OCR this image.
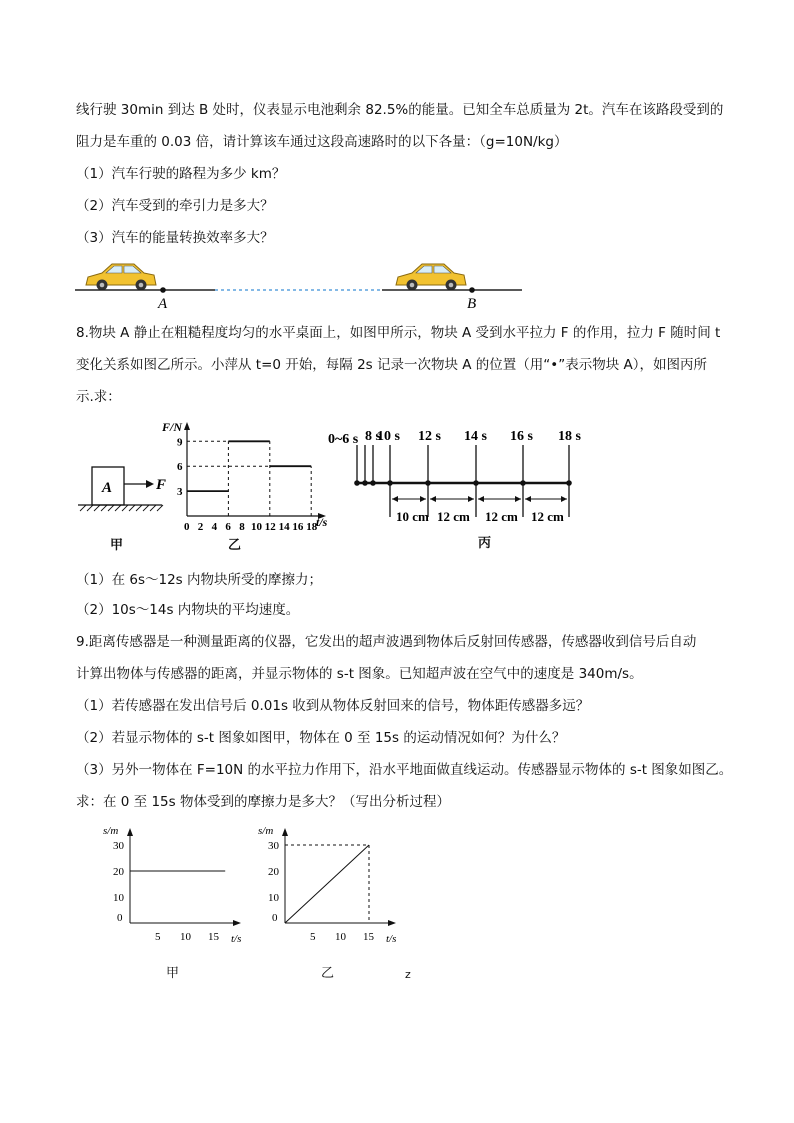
线行驶 30min 到达 B 处时，仪表显示电池剩余 82.5%的能量。已知全车总质量为 2t。汽车在该路段受到的
阻力是车重的 0.03 倍，请计算该车通过这段高速路时的以下各量：（g=10N/kg）
（1）汽车行驶的路程为多少 km？
（2）汽车受到的牵引力是多大？
（3）汽车的能量转换效率多大？
A	B
8.物块 A 静止在粗糙程度均匀的水平桌面上，如图甲所示，物块 A 受到水平拉力 F 的作用，拉力 F 随时间 t
变化关系如图乙所示。小萍从 t=0 开始，每隔 2s 记录一次物块 A 的位置（用“•”表示物块 A），如图丙所
示.求：
A	F
甲
F/N
t/s
0 2 4 6 8 10 12 14 16 18
3
6
9
乙
0~6 s 8 s
10 s 12 s 14 s 16 s 18 s
10 cm 12 cm 12 cm 12 cm
丙
（1）在 6s～12s 内物块所受的摩擦力；
（2）10s～14s 内物块的平均速度。
9.距离传感器是一种测量距离的仪器，它发出的超声波遇到物体后反射回传感器，传感器收到信号后自动
计算出物体与传感器的距离，并显示物体的 s-t 图象。已知超声波在空气中的速度是 340m/s。
（1）若传感器在发出信号后 0.01s 收到从物体反射回来的信号，物体距传感器多远？
（2）若显示物体的 s-t 图象如图甲，物体在 0 至 15s 的运动情况如何？为什么？
（3）另外一物体在 F=10N 的水平拉力作用下，沿水平地面做直线运动。传感器显示物体的 s-t 图象如图乙。
求：在 0 至 15s 物体受到的摩擦力是多大？（写出分析过程）
s/m
t/s
0
5 10 15
10
20
30
甲
s/m
t/s
0
5 10 15
10
20
30
乙	z
